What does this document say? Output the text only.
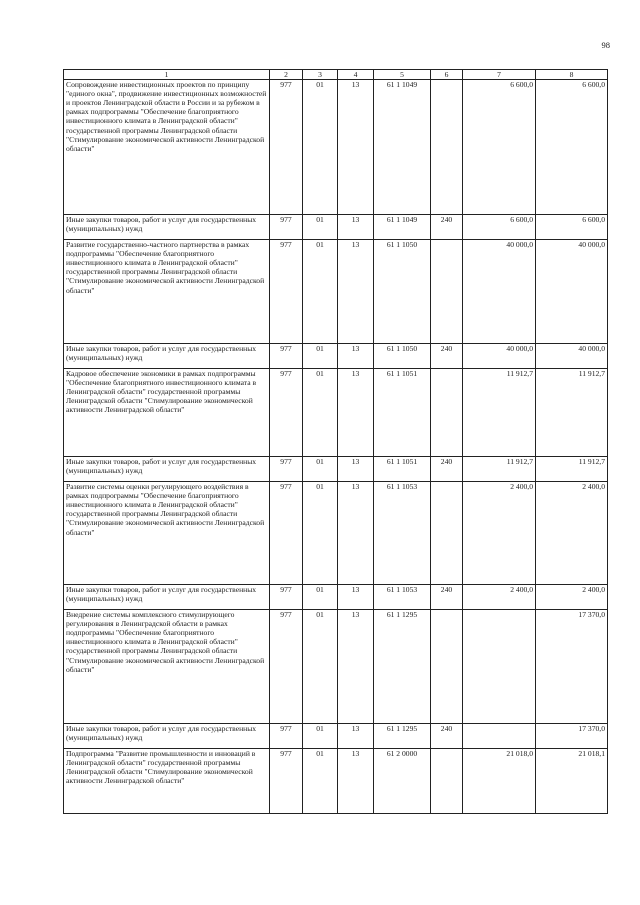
98
1	2	3	4	5	6	7	8
Сопровождение инвестиционных проектов по принципу "единого окна", продвижение инвестиционных возможностей и проектов Ленинградской области в России и за рубежом в рамках подпрограммы "Обеспечение благоприятного инвестиционного климата в Ленинградской области" государственной программы Ленинградской области "Стимулирование экономической активности Ленинградской области"	977	01	13	61 1 1049		6 600,0	6 600,0
Иные закупки товаров, работ и услуг для государственных (муниципальных) нужд	977	01	13	61 1 1049	240	6 600,0	6 600,0
Развитие государственно-частного партнерства в рамках подпрограммы "Обеспечение благоприятного инвестиционного климата в Ленинградской области" государственной программы Ленинградской области "Стимулирование экономической активности Ленинградской области"	977	01	13	61 1 1050		40 000,0	40 000,0
Иные закупки товаров, работ и услуг для государственных (муниципальных) нужд	977	01	13	61 1 1050	240	40 000,0	40 000,0
Кадровое обеспечение экономики в рамках подпрограммы "Обеспечение благоприятного инвестиционного климата в Ленинградской области" государственной программы Ленинградской области "Стимулирование экономической активности Ленинградской области"	977	01	13	61 1 1051		11 912,7	11 912,7
Иные закупки товаров, работ и услуг для государственных (муниципальных) нужд	977	01	13	61 1 1051	240	11 912,7	11 912,7
Развитие системы оценки регулирующего воздействия в рамках подпрограммы "Обеспечение благоприятного инвестиционного климата в Ленинградской области" государственной программы Ленинградской области "Стимулирование экономической активности Ленинградской области"	977	01	13	61 1 1053		2 400,0	2 400,0
Иные закупки товаров, работ и услуг для государственных (муниципальных) нужд	977	01	13	61 1 1053	240	2 400,0	2 400,0
Внедрение системы комплексного стимулирующего регулирования в Ленинградской области в рамках подпрограммы "Обеспечение благоприятного инвестиционного климата в Ленинградской области" государственной программы Ленинградской области "Стимулирование экономической активности Ленинградской области"	977	01	13	61 1 1295			17 370,0
Иные закупки товаров, работ и услуг для государственных (муниципальных) нужд	977	01	13	61 1 1295	240		17 370,0
Подпрограмма "Развитие промышленности и инноваций в Ленинградской области" государственной программы Ленинградской области "Стимулирование экономической активности Ленинградской области"	977	01	13	61 2 0000		21 018,0	21 018,1
